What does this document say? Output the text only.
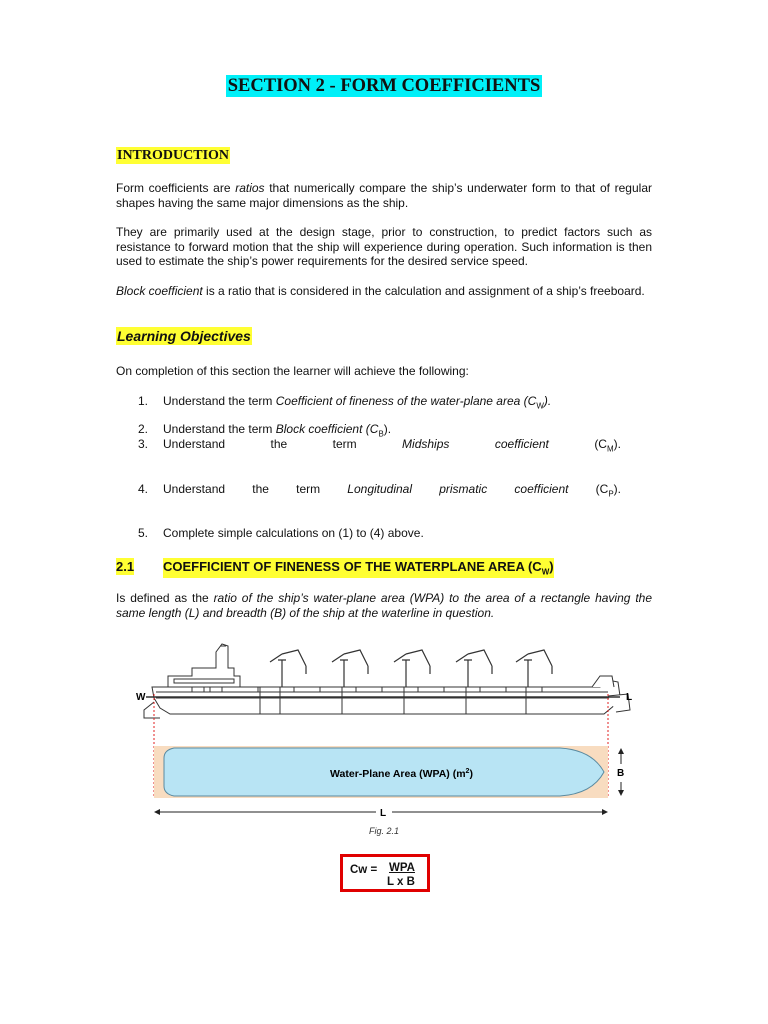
SECTION 2 - FORM COEFFICIENTS
INTRODUCTION
Form coefficients are ratios that numerically compare the ship’s underwater form to that of regular shapes having the same major dimensions as the ship.
They are primarily used at the design stage, prior to construction, to predict factors such as resistance to forward motion that the ship will experience during operation. Such information is then used to estimate the ship’s power requirements for the desired service speed.
Block coefficient is a ratio that is considered in the calculation and assignment of a ship’s freeboard.
Learning Objectives
On completion of this section the learner will achieve the following:
1. Understand the term Coefficient of fineness of the water-plane area $(C_W)$.
2. Understand the term Block coefficient $(C_B)$.
3. Understand	the	term	Midships	coefficient	$(C_M)$.
4. Understand the term Longitudinal prismatic coefficient $(C_P)$.
5. Complete simple calculations on (1) to (4) above.
2.1 COEFFICIENT OF FINENESS OF THE WATERPLANE AREA $(C_W)$
Is defined as the ratio of the ship’s water-plane area (WPA) to the area of a rectangle having the same length (L) and breadth (B) of the ship at the waterline in question.
W	L
Water-Plane Area (WPA) $(m^2)$	B
L
Fig. 2.1
Cw = WPA
L x B
